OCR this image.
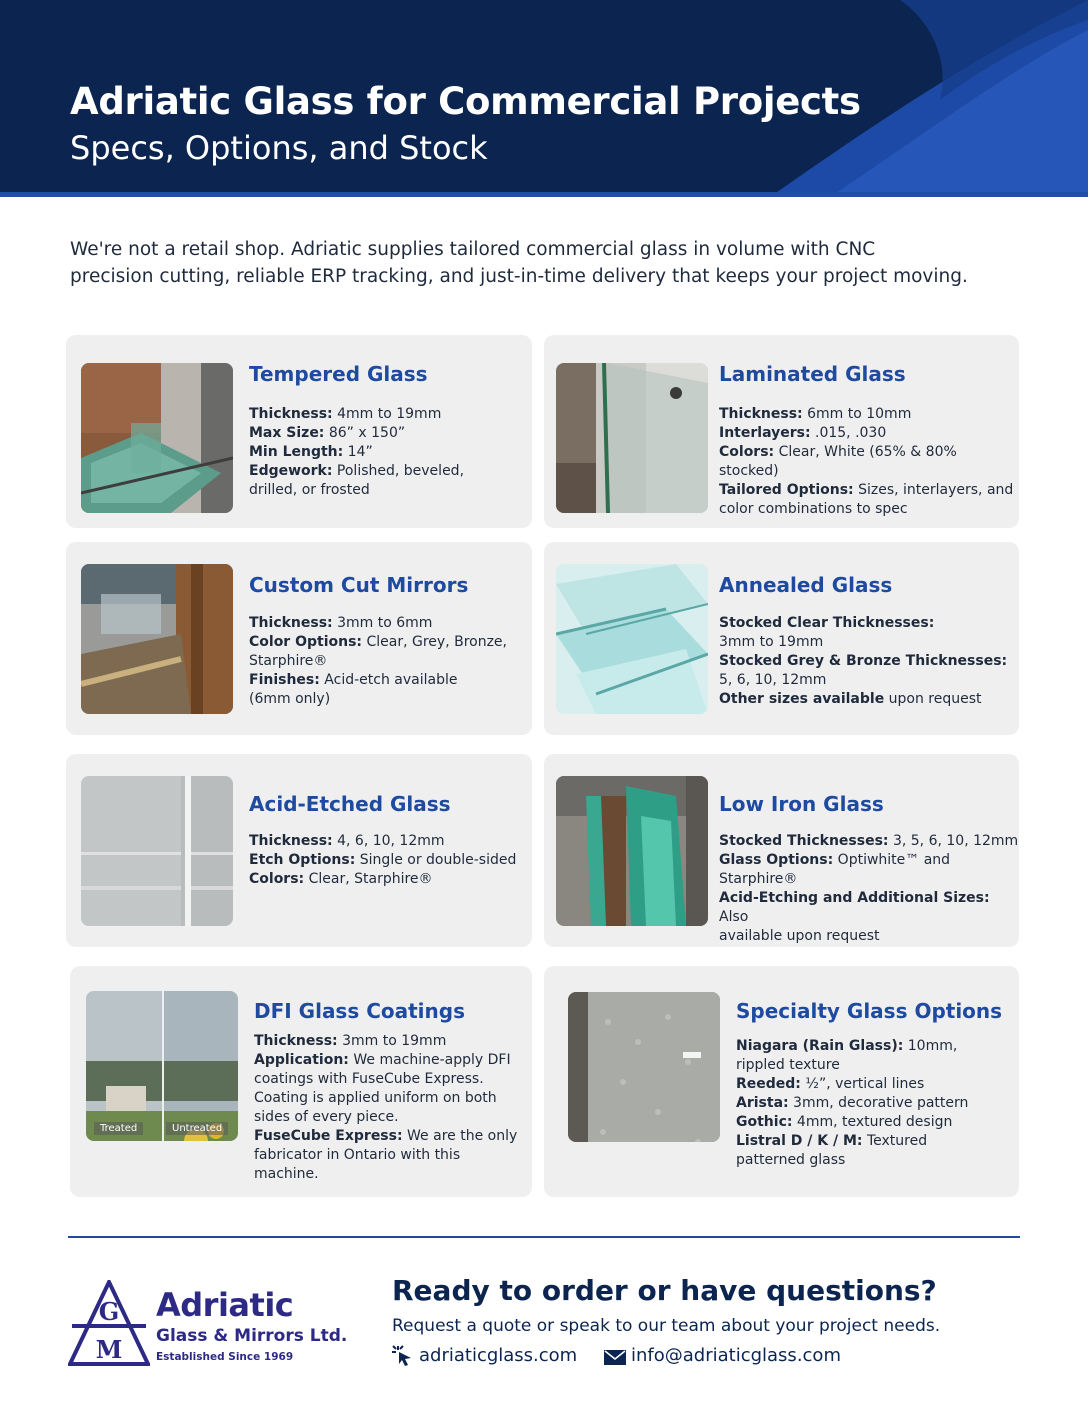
Adriatic Glass for Commercial Projects
Specs, Options, and Stock
We're not a retail shop. Adriatic supplies tailored commercial glass in volume with CNC
precision cutting, reliable ERP tracking, and just-in-time delivery that keeps your project moving.
Tempered Glass
Thickness: 4mm to 19mm
Max Size: 86” x 150”
Min Length: 14”
Edgework: Polished, beveled,
drilled, or frosted
Laminated Glass
Thickness: 6mm to 10mm
Interlayers: .015, .030
Colors: Clear, White (65% & 80% stocked)
Tailored Options: Sizes, interlayers, and
color combinations to spec
Custom Cut Mirrors
Thickness: 3mm to 6mm
Color Options: Clear, Grey, Bronze,
Starphire®
Finishes: Acid-etch available
(6mm only)
Annealed Glass
Stocked Clear Thicknesses:
3mm to 19mm
Stocked Grey & Bronze Thicknesses:
5, 6, 10, 12mm
Other sizes available upon request
Acid-Etched Glass
Thickness: 4, 6, 10, 12mm
Etch Options: Single or double-sided
Colors: Clear, Starphire®
Low Iron Glass
Stocked Thicknesses: 3, 5, 6, 10, 12mm
Glass Options: Optiwhite™ and Starphire®
Acid-Etching and Additional Sizes: Also
available upon request
Treated	Untreated
DFI Glass Coatings
Thickness: 3mm to 19mm
Application: We machine-apply DFI
coatings with FuseCube Express.
Coating is applied uniform on both
sides of every piece.
FuseCube Express: We are the only
fabricator in Ontario with this
machine.
Specialty Glass Options
Niagara (Rain Glass): 10mm,
rippled texture
Reeded: ½”, vertical lines
Arista: 3mm, decorative pattern
Gothic: 4mm, textured design
Listral D / K / M: Textured
patterned glass
G
M
Adriatic
Glass & Mirrors Ltd.
Established Since 1969
Ready to order or have questions?
Request a quote or speak to our team about your project needs.
adriaticglass.com	info@adriaticglass.com
